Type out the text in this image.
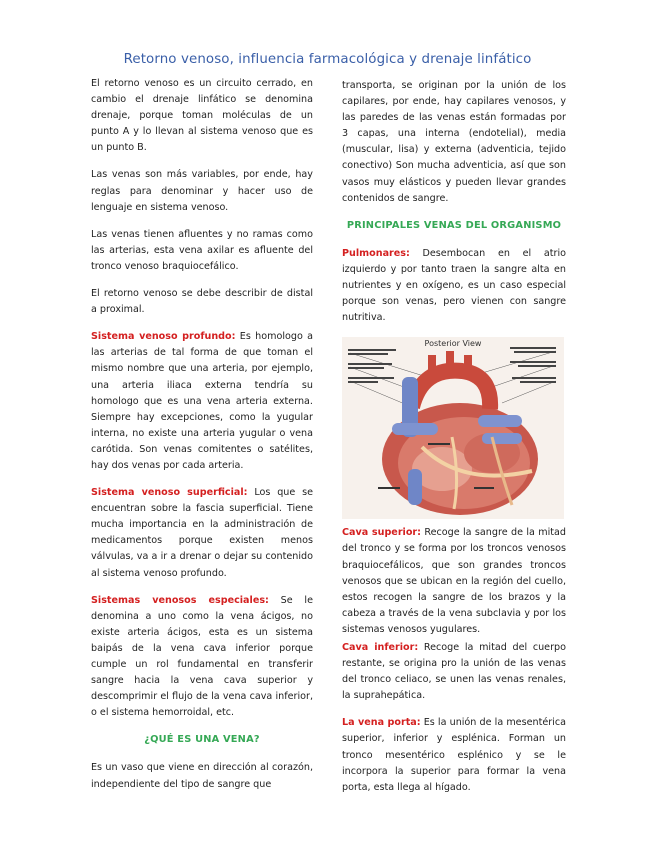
Retorno venoso, influencia farmacológica y drenaje linfático

El retorno venoso es un circuito cerrado, en cambio el drenaje linfático se denomina drenaje, porque toman moléculas de un punto A y lo llevan al sistema venoso que es un punto B.

Las venas son más variables, por ende, hay reglas para denominar y hacer uso de lenguaje en sistema venoso.

Las venas tienen afluentes y no ramas como las arterias, esta vena axilar es afluente del tronco venoso braquiocefálico.

El retorno venoso se debe describir de distal a proximal.

Sistema venoso profundo: Es homologo a las arterias de tal forma de que toman el mismo nombre que una arteria, por ejemplo, una arteria iliaca externa tendría su homologo que es una vena arteria externa. Siempre hay excepciones, como la yugular interna, no existe una arteria yugular o vena carótida. Son venas comitentes o satélites, hay dos venas por cada arteria.

Sistema venoso superficial: Los que se encuentran sobre la fascia superficial. Tiene mucha importancia en la administración de medicamentos porque existen menos válvulas, va a ir a drenar o dejar su contenido al sistema venoso profundo.

Sistemas venosos especiales: Se le denomina a uno como la vena ácigos, no existe arteria ácigos, esta es un sistema baipás de la vena cava inferior porque cumple un rol fundamental en transferir sangre hacia la vena cava superior y descomprimir el flujo de la vena cava inferior, o el sistema hemorroidal, etc.

¿QUÉ ES UNA VENA?

Es un vaso que viene en dirección al corazón, independiente del tipo de sangre que

transporta, se originan por la unión de los capilares, por ende, hay capilares venosos, y las paredes de las venas están formadas por 3 capas, una interna (endotelial), media (muscular, lisa) y externa (adventicia, tejido conectivo) Son mucha adventicia, así que son vasos muy elásticos y pueden llevar grandes contenidos de sangre.

PRINCIPALES VENAS DEL ORGANISMO

Pulmonares: Desembocan en el atrio izquierdo y por tanto traen la sangre alta en nutrientes y en oxígeno, es un caso especial porque son venas, pero vienen con sangre nutritiva.

Posterior View

Cava superior: Recoge la sangre de la mitad del tronco y se forma por los troncos venosos braquiocefálicos, que son grandes troncos venosos que se ubican en la región del cuello, estos recogen la sangre de los brazos y la cabeza a través de la vena subclavia y por los sistemas venosos yugulares.

Cava inferior: Recoge la mitad del cuerpo restante, se origina pro la unión de las venas del tronco celiaco, se unen las venas renales, la suprahepática.

La vena porta: Es la unión de la mesentérica superior, inferior y esplénica. Forman un tronco mesentérico esplénico y se le incorpora la superior para formar la vena porta, esta llega al hígado.
